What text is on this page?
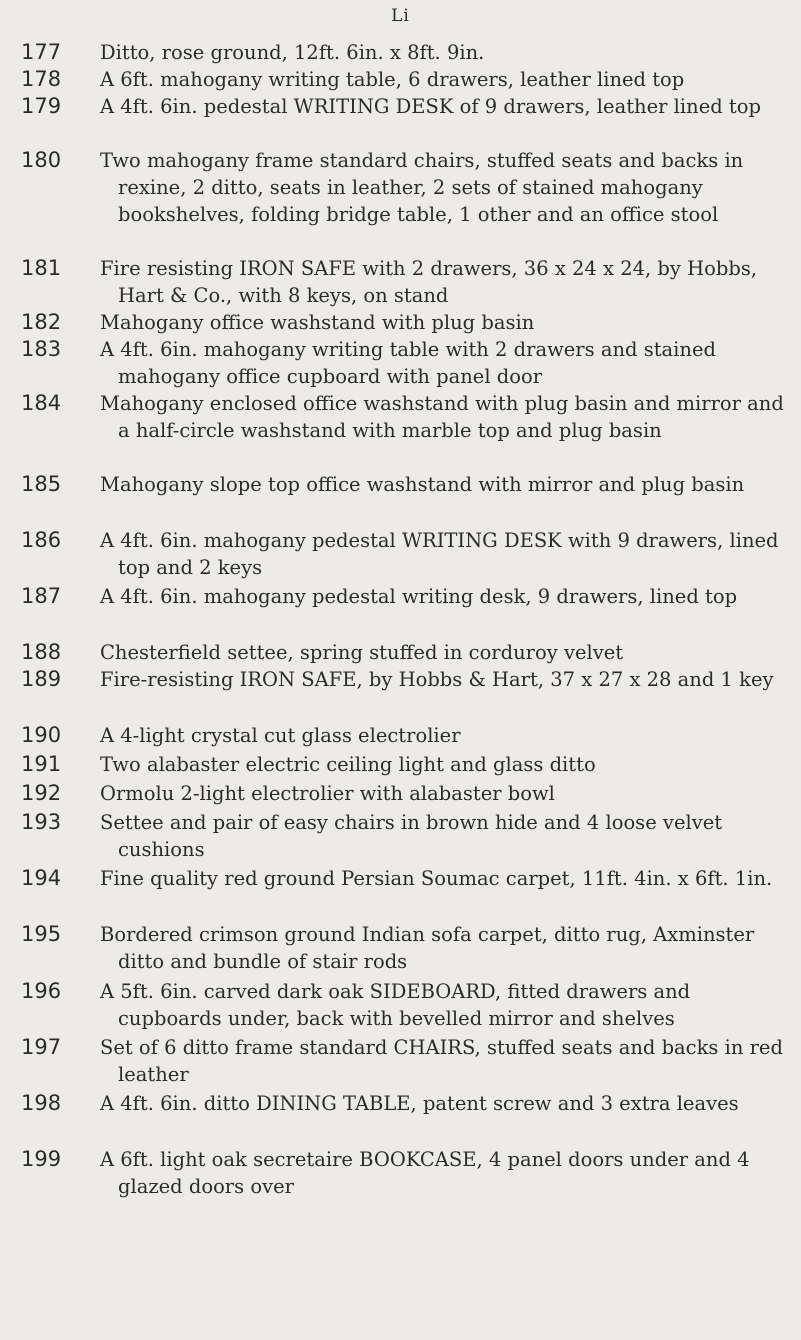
Li
177	Ditto, rose ground, 12ft. 6in. x 8ft. 9in.
178	A 6ft. mahogany writing table, 6 drawers, leather lined top
179	A 4ft. 6in. pedestal WRITING DESK of 9 drawers, leather lined top
180	Two mahogany frame standard chairs, stuffed seats and backs in rexine, 2 ditto, seats in leather, 2 sets of stained mahogany bookshelves, folding bridge table, 1 other and an office stool
181	Fire resisting IRON SAFE with 2 drawers, 36 x 24 x 24, by Hobbs, Hart & Co., with 8 keys, on stand
182	Mahogany office washstand with plug basin
183	A 4ft. 6in. mahogany writing table with 2 drawers and stained mahogany office cupboard with panel door
184	Mahogany enclosed office washstand with plug basin and mirror and a half-circle washstand with marble top and plug basin
185	Mahogany slope top office washstand with mirror and plug basin
186	A 4ft. 6in. mahogany pedestal WRITING DESK with 9 drawers, lined top and 2 keys
187	A 4ft. 6in. mahogany pedestal writing desk, 9 drawers, lined top
188	Chesterfield settee, spring stuffed in corduroy velvet
189	Fire-resisting IRON SAFE, by Hobbs & Hart, 37 x 27 x 28 and 1 key
190	A 4-light crystal cut glass electrolier
191	Two alabaster electric ceiling light and glass ditto
192	Ormolu 2-light electrolier with alabaster bowl
193	Settee and pair of easy chairs in brown hide and 4 loose velvet cushions
194	Fine quality red ground Persian Soumac carpet, 11ft. 4in. x 6ft. 1in.
195	Bordered crimson ground Indian sofa carpet, ditto rug, Axminster ditto and bundle of stair rods
196	A 5ft. 6in. carved dark oak SIDEBOARD, fitted drawers and cupboards under, back with bevelled mirror and shelves
197	Set of 6 ditto frame standard CHAIRS, stuffed seats and backs in red leather
198	A 4ft. 6in. ditto DINING TABLE, patent screw and 3 extra leaves
199	A 6ft. light oak secretaire BOOKCASE, 4 panel doors under and 4 glazed doors over
